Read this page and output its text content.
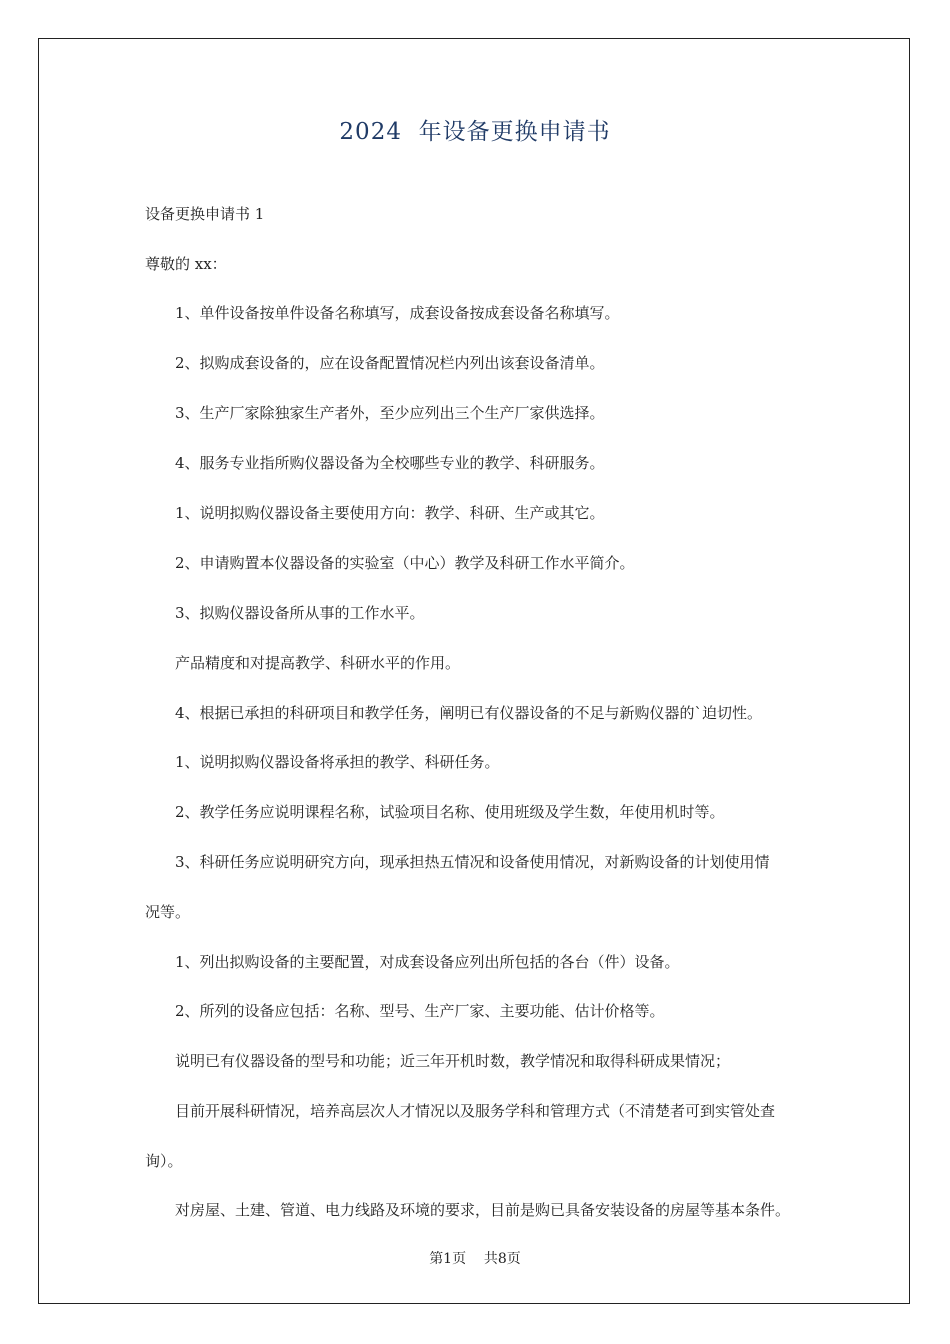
2024  年设备更换申请书
设备更换申请书 1
尊敬的 xx：
1、单件设备按单件设备名称填写，成套设备按成套设备名称填写。
2、拟购成套设备的，应在设备配置情况栏内列出该套设备清单。
3、生产厂家除独家生产者外，至少应列出三个生产厂家供选择。
4、服务专业指所购仪器设备为全校哪些专业的教学、科研服务。
1、说明拟购仪器设备主要使用方向：教学、科研、生产或其它。
2、申请购置本仪器设备的实验室（中心）教学及科研工作水平简介。
3、拟购仪器设备所从事的工作水平。
产品精度和对提高教学、科研水平的作用。
4、根据已承担的科研项目和教学任务，阐明已有仪器设备的不足与新购仪器的`迫切性。
1、说明拟购仪器设备将承担的教学、科研任务。
2、教学任务应说明课程名称，试验项目名称、使用班级及学生数，年使用机时等。
3、科研任务应说明研究方向，现承担热五情况和设备使用情况，对新购设备的计划使用情
况等。
1、列出拟购设备的主要配置，对成套设备应列出所包括的各台（件）设备。
2、所列的设备应包括：名称、型号、生产厂家、主要功能、估计价格等。
说明已有仪器设备的型号和功能；近三年开机时数，教学情况和取得科研成果情况；
目前开展科研情况，培养高层次人才情况以及服务学科和管理方式（不清楚者可到实管处查
询）。
对房屋、土建、管道、电力线路及环境的要求，目前是购已具备安装设备的房屋等基本条件。
第1页    共8页
